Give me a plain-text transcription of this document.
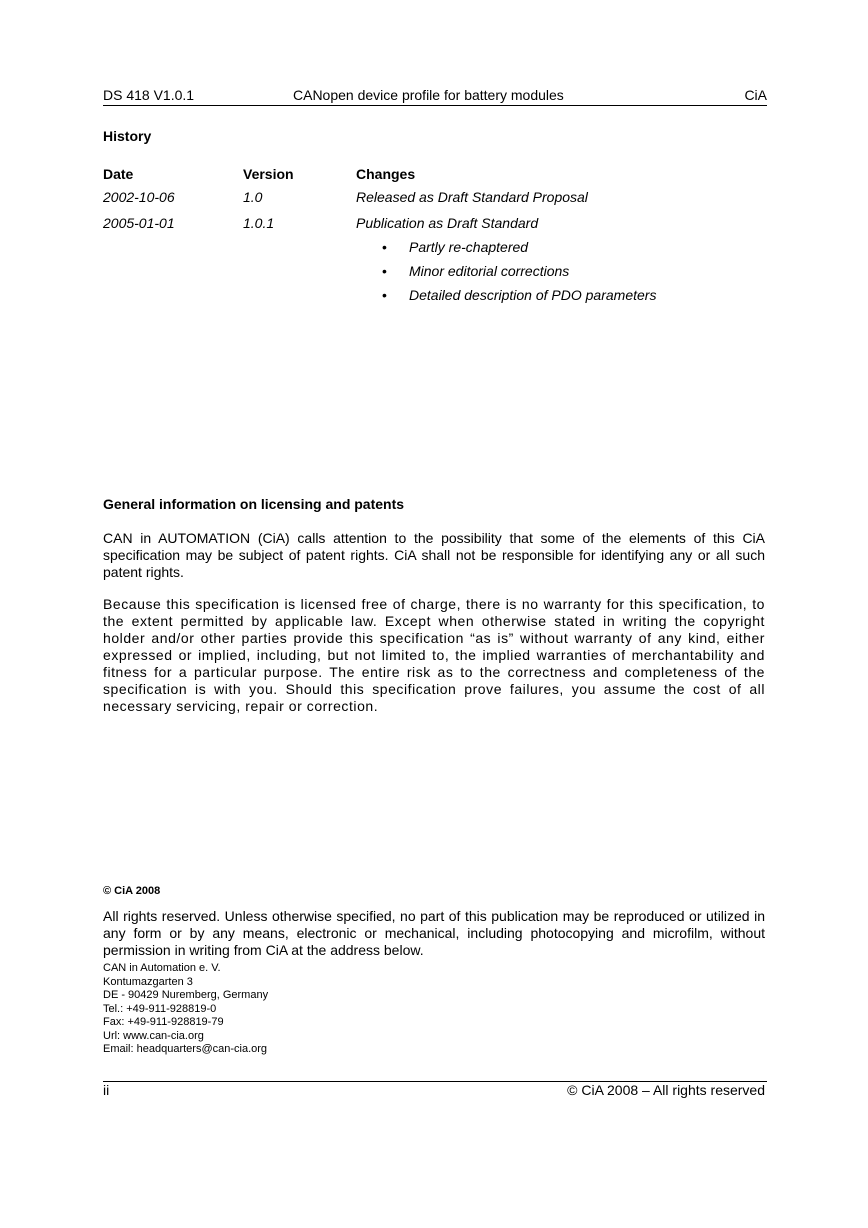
DS 418 V1.0.1	CANopen device profile for battery modules	CiA
History
Date	Version	Changes
2002-10-06	1.0	Released as Draft Standard Proposal
2005-01-01	1.0.1	Publication as Draft Standard
• Partly re-chaptered
• Minor editorial corrections
• Detailed description of PDO parameters
General information on licensing and patents
CAN in AUTOMATION (CiA) calls attention to the possibility that some of the elements of this CiA specification may be subject of patent rights. CiA shall not be responsible for identifying any or all such patent rights.
Because this specification is licensed free of charge, there is no warranty for this specification, to the extent permitted by applicable law. Except when otherwise stated in writing the copyright holder and/or other parties provide this specification “as is” without warranty of any kind, either expressed or implied, including, but not limited to, the implied warranties of merchantability and fitness for a particular purpose. The entire risk as to the correctness and completeness of the specification is with you. Should this specification prove failures, you assume the cost of all necessary servicing, repair or correction.
© CiA 2008
All rights reserved. Unless otherwise specified, no part of this publication may be reproduced or utilized in any form or by any means, electronic or mechanical, including photocopying and microfilm, without permission in writing from CiA at the address below.
CAN in Automation e. V.
Kontumazgarten 3
DE - 90429 Nuremberg, Germany
Tel.: +49-911-928819-0
Fax: +49-911-928819-79
Url: www.can-cia.org
Email: headquarters@can-cia.org
ii	© CiA 2008 – All rights reserved
